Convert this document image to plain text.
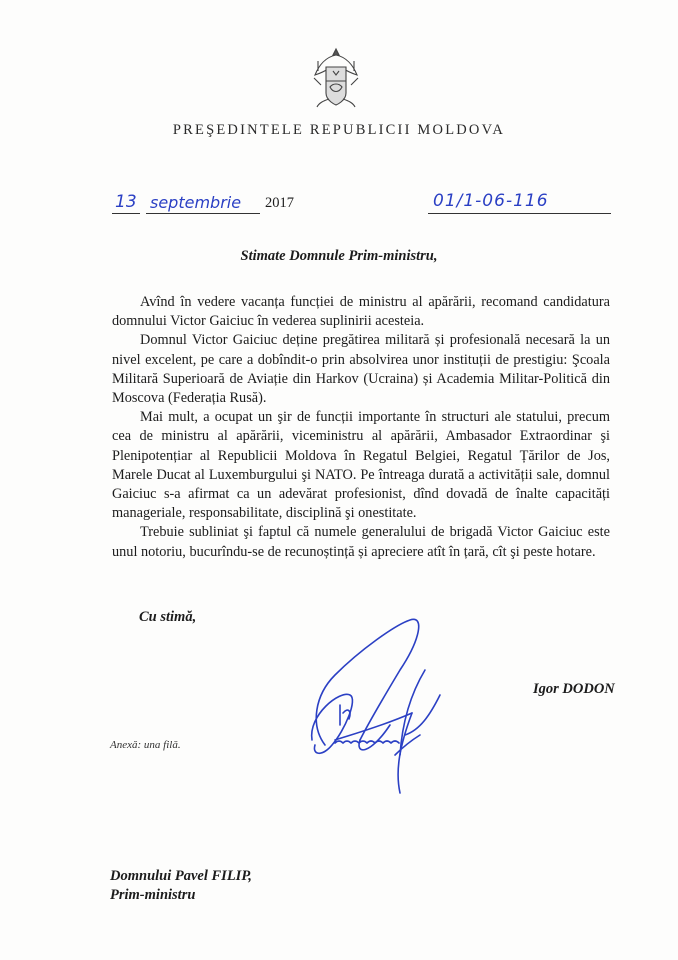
PREŞEDINTELE REPUBLICII MOLDOVA
13 septembrie 2017	01/1-06-116
Stimate Domnule Prim-ministru,

Avînd în vedere vacanța funcției de ministru al apărării, recomand candidatura domnului Victor Gaiciuc în vederea suplinirii acesteia.

Domnul Victor Gaiciuc deține pregătirea militară și profesională necesară la un nivel excelent, pe care a dobîndit-o prin absolvirea unor instituții de prestigiu: Şcoala Militară Superioară de Aviație din Harkov (Ucraina) și Academia Militar-Politică din Moscova (Federația Rusă).

Mai mult, a ocupat un şir de funcții importante în structuri ale statului, precum cea de ministru al apărării, viceministru al apărării, Ambasador Extraordinar şi Plenipotențiar al Republicii Moldova în Regatul Belgiei, Regatul Țărilor de Jos, Marele Ducat al Luxemburgului şi NATO. Pe întreaga durată a activității sale, domnul Gaiciuc s-a afirmat ca un adevărat profesionist, dînd dovadă de înalte capacități manageriale, responsabilitate, disciplină şi onestitate.

Trebuie subliniat şi faptul că numele generalului de brigadă Victor Gaiciuc este unul notoriu, bucurîndu-se de recunoștință și apreciere atît în țară, cît şi peste hotare.

Cu stimă,
Igor DODON
Anexă: una filă.
Domnului Pavel FILIP,
Prim-ministru
